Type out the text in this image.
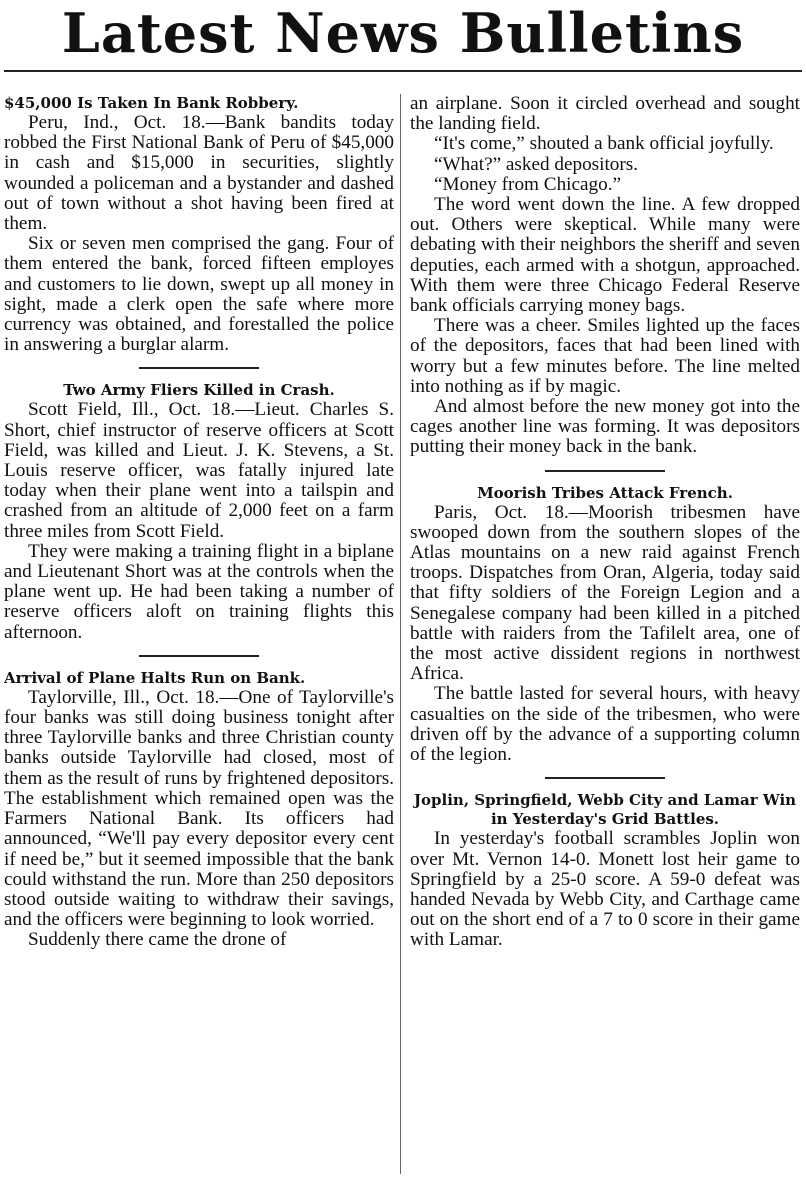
Latest News Bulletins
$45,000 Is Taken In Bank Robbery.

Peru, Ind., Oct. 18.—Bank bandits today robbed the First National Bank of Peru of $45,000 in cash and $15,000 in securities, slightly wounded a policeman and a bystander and dashed out of town without a shot having been fired at them.

Six or seven men comprised the gang. Four of them entered the bank, forced fifteen employes and customers to lie down, swept up all money in sight, made a clerk open the safe where more currency was obtained, and forestalled the police in answering a burglar alarm.

Two Army Fliers Killed in Crash.

Scott Field, Ill., Oct. 18.—Lieut. Charles S. Short, chief instructor of reserve officers at Scott Field, was killed and Lieut. J. K. Stevens, a St. Louis reserve officer, was fatally injured late today when their plane went into a tailspin and crashed from an altitude of 2,000 feet on a farm three miles from Scott Field.

They were making a training flight in a biplane and Lieutenant Short was at the controls when the plane went up. He had been taking a number of reserve officers aloft on training flights this afternoon.

Arrival of Plane Halts Run on Bank.

Taylorville, Ill., Oct. 18.—One of Taylorville's four banks was still doing business tonight after three Taylorville banks and three Christian county banks outside Taylorville had closed, most of them as the result of runs by frightened depositors. The establishment which remained open was the Farmers National Bank. Its officers had announced, “We'll pay every depositor every cent if need be,” but it seemed impossible that the bank could withstand the run. More than 250 depositors stood outside waiting to withdraw their savings, and the officers were beginning to look worried.

Suddenly there came the drone of

an airplane. Soon it circled overhead and sought the landing field.

“It's come,” shouted a bank official joyfully.

“What?” asked depositors.

“Money from Chicago.”

The word went down the line. A few dropped out. Others were skeptical. While many were debating with their neighbors the sheriff and seven deputies, each armed with a shotgun, approached. With them were three Chicago Federal Reserve bank officials carrying money bags.

There was a cheer. Smiles lighted up the faces of the depositors, faces that had been lined with worry but a few minutes before. The line melted into nothing as if by magic.

And almost before the new money got into the cages another line was forming. It was depositors putting their money back in the bank.

Moorish Tribes Attack French.

Paris, Oct. 18.—Moorish tribesmen have swooped down from the southern slopes of the Atlas mountains on a new raid against French troops. Dispatches from Oran, Algeria, today said that fifty soldiers of the Foreign Legion and a Senegalese company had been killed in a pitched battle with raiders from the Tafilelt area, one of the most active dissident regions in northwest Africa.

The battle lasted for several hours, with heavy casualties on the side of the tribesmen, who were driven off by the advance of a supporting column of the legion.

Joplin, Springfield, Webb City and Lamar Win in Yesterday's Grid Battles.

In yesterday's football scrambles Joplin won over Mt. Vernon 14-0. Monett lost heir game to Springfield by a 25-0 score. A 59-0 defeat was handed Nevada by Webb City, and Carthage came out on the short end of a 7 to 0 score in their game with Lamar.
